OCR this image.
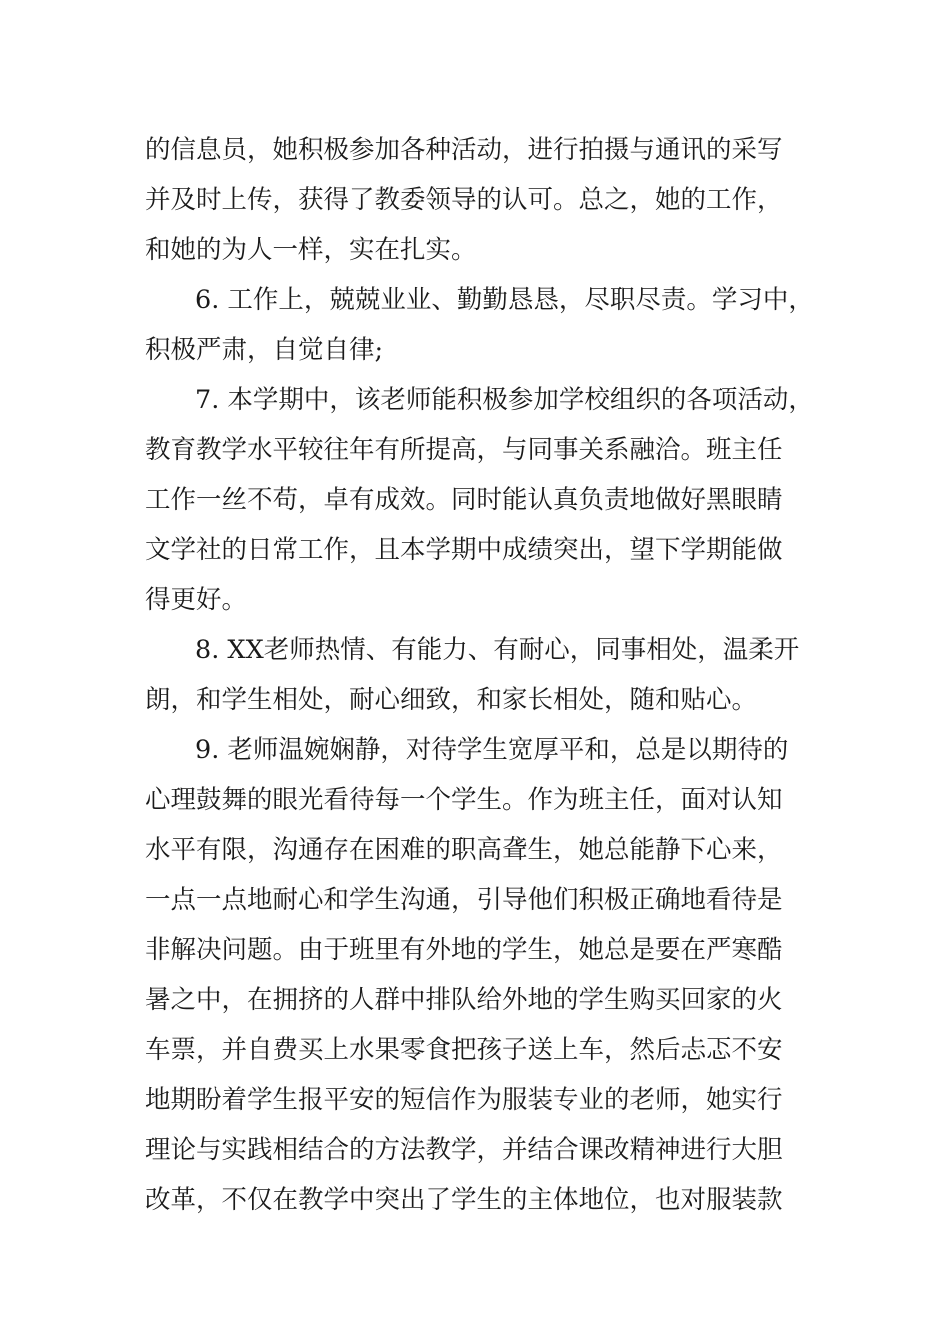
的信息员，她积极参加各种活动，进行拍摄与通讯的采写
并及时上传，获得了教委领导的认可。总之，她的工作，
和她的为人一样，实在扎实。
6. 工作上，兢兢业业、勤勤恳恳，尽职尽责。学习中，
积极严肃，自觉自律;
7. 本学期中，该老师能积极参加学校组织的各项活动，
教育教学水平较往年有所提高，与同事关系融洽。班主任
工作一丝不苟，卓有成效。同时能认真负责地做好黑眼睛
文学社的日常工作，且本学期中成绩突出，望下学期能做
得更好。
8. XX老师热情、有能力、有耐心，同事相处，温柔开
朗，和学生相处，耐心细致，和家长相处，随和贴心。
9. 老师温婉娴静，对待学生宽厚平和，总是以期待的
心理鼓舞的眼光看待每一个学生。作为班主任，面对认知
水平有限，沟通存在困难的职高聋生，她总能静下心来，
一点一点地耐心和学生沟通，引导他们积极正确地看待是
非解决问题。由于班里有外地的学生，她总是要在严寒酷
暑之中，在拥挤的人群中排队给外地的学生购买回家的火
车票，并自费买上水果零食把孩子送上车，然后忐忑不安
地期盼着学生报平安的短信作为服装专业的老师，她实行
理论与实践相结合的方法教学，并结合课改精神进行大胆
改革，不仅在教学中突出了学生的主体地位，也对服装款
